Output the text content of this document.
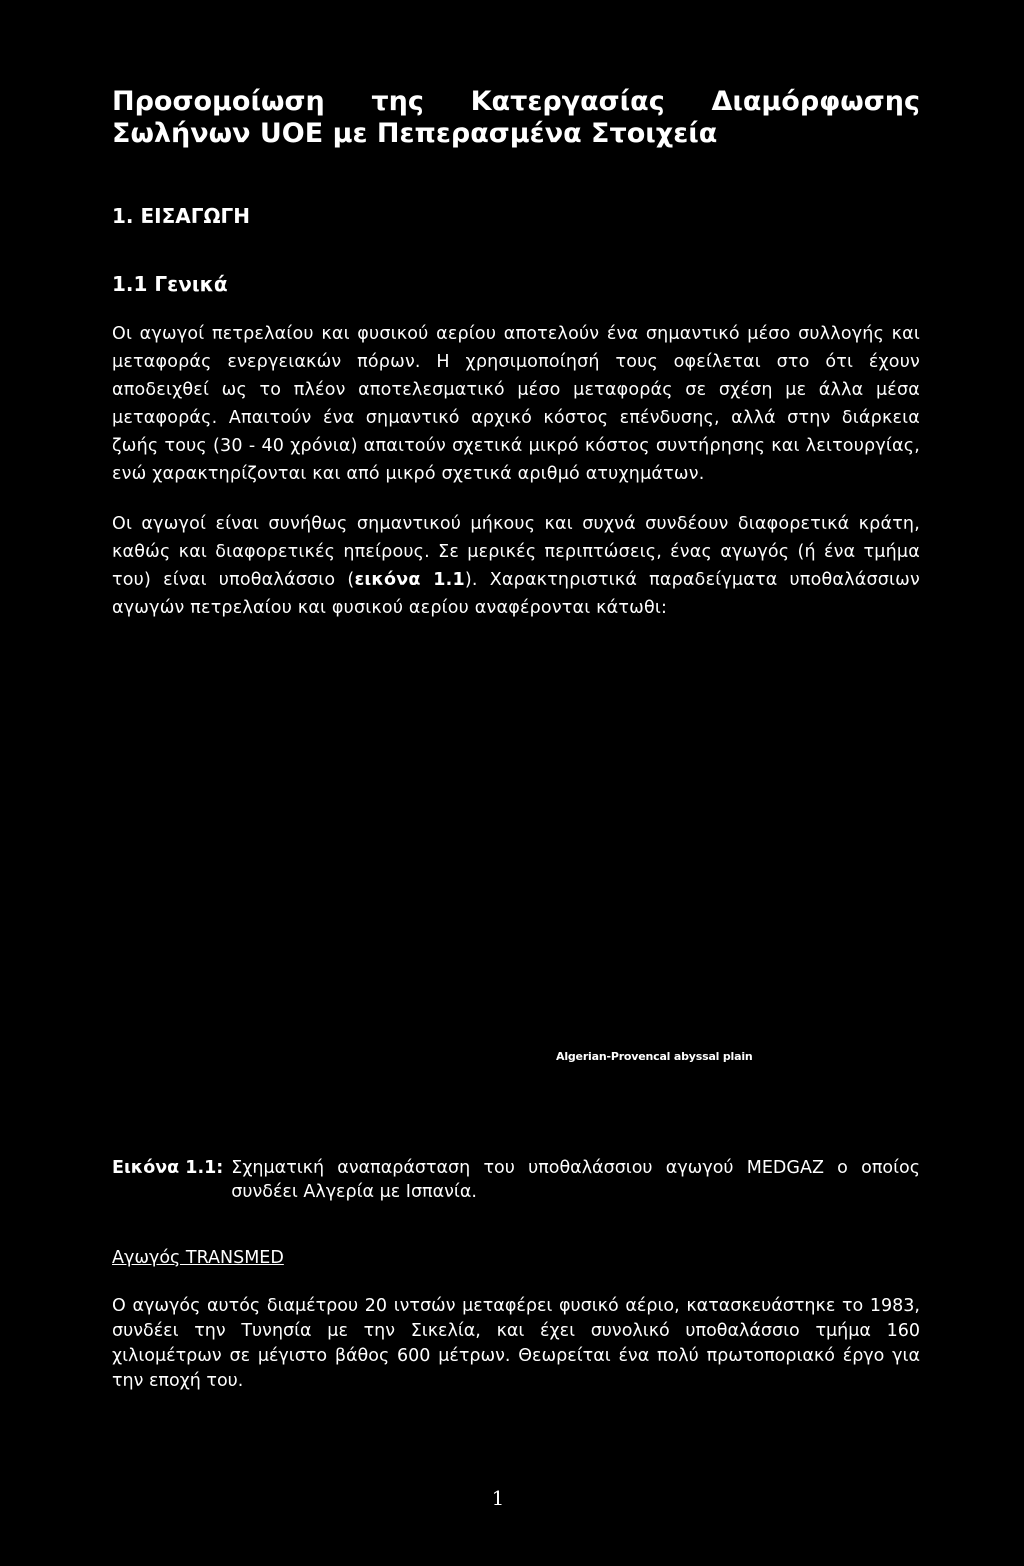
Προσομοίωση της Κατεργασίας Διαμόρφωσης Σωλήνων UOE με Πεπερασμένα Στοιχεία
1. ΕΙΣΑΓΩΓΗ
1.1 Γενικά

Οι αγωγοί πετρελαίου και φυσικού αερίου αποτελούν ένα σημαντικό μέσο συλλογής και μεταφοράς ενεργειακών πόρων. Η χρησιμοποίησή τους οφείλεται στο ότι έχουν αποδειχθεί ως το πλέον αποτελεσματικό μέσο μεταφοράς σε σχέση με άλλα μέσα μεταφοράς. Απαιτούν ένα σημαντικό αρχικό κόστος επένδυσης, αλλά στην διάρκεια ζωής τους (30 - 40 χρόνια) απαιτούν σχετικά μικρό κόστος συντήρησης και λειτουργίας, ενώ χαρακτηρίζονται και από μικρό σχετικά αριθμό ατυχημάτων.

Οι αγωγοί είναι συνήθως σημαντικού μήκους και συχνά συνδέουν διαφορετικά κράτη, καθώς και διαφορετικές ηπείρους. Σε μερικές περιπτώσεις, ένας αγωγός (ή ένα τμήμα του) είναι υποθαλάσσιο (εικόνα 1.1). Χαρακτηριστικά παραδείγματα υποθαλάσσιων αγωγών πετρελαίου και φυσικού αερίου αναφέρονται κάτωθι:

Algerian-Provencal abyssal plain
Εικόνα 1.1: Σχηματική αναπαράσταση του υποθαλάσσιου αγωγού MEDGAZ ο οποίος συνδέει Αλγερία με Ισπανία.

Αγωγός TRANSMED

Ο αγωγός αυτός διαμέτρου 20 ιντσών μεταφέρει φυσικό αέριο, κατασκευάστηκε το 1983, συνδέει την Τυνησία με την Σικελία, και έχει συνολικό υποθαλάσσιο τμήμα 160 χιλιομέτρων σε μέγιστο βάθος 600 μέτρων. Θεωρείται ένα πολύ πρωτοποριακό έργο για την εποχή του.

1
